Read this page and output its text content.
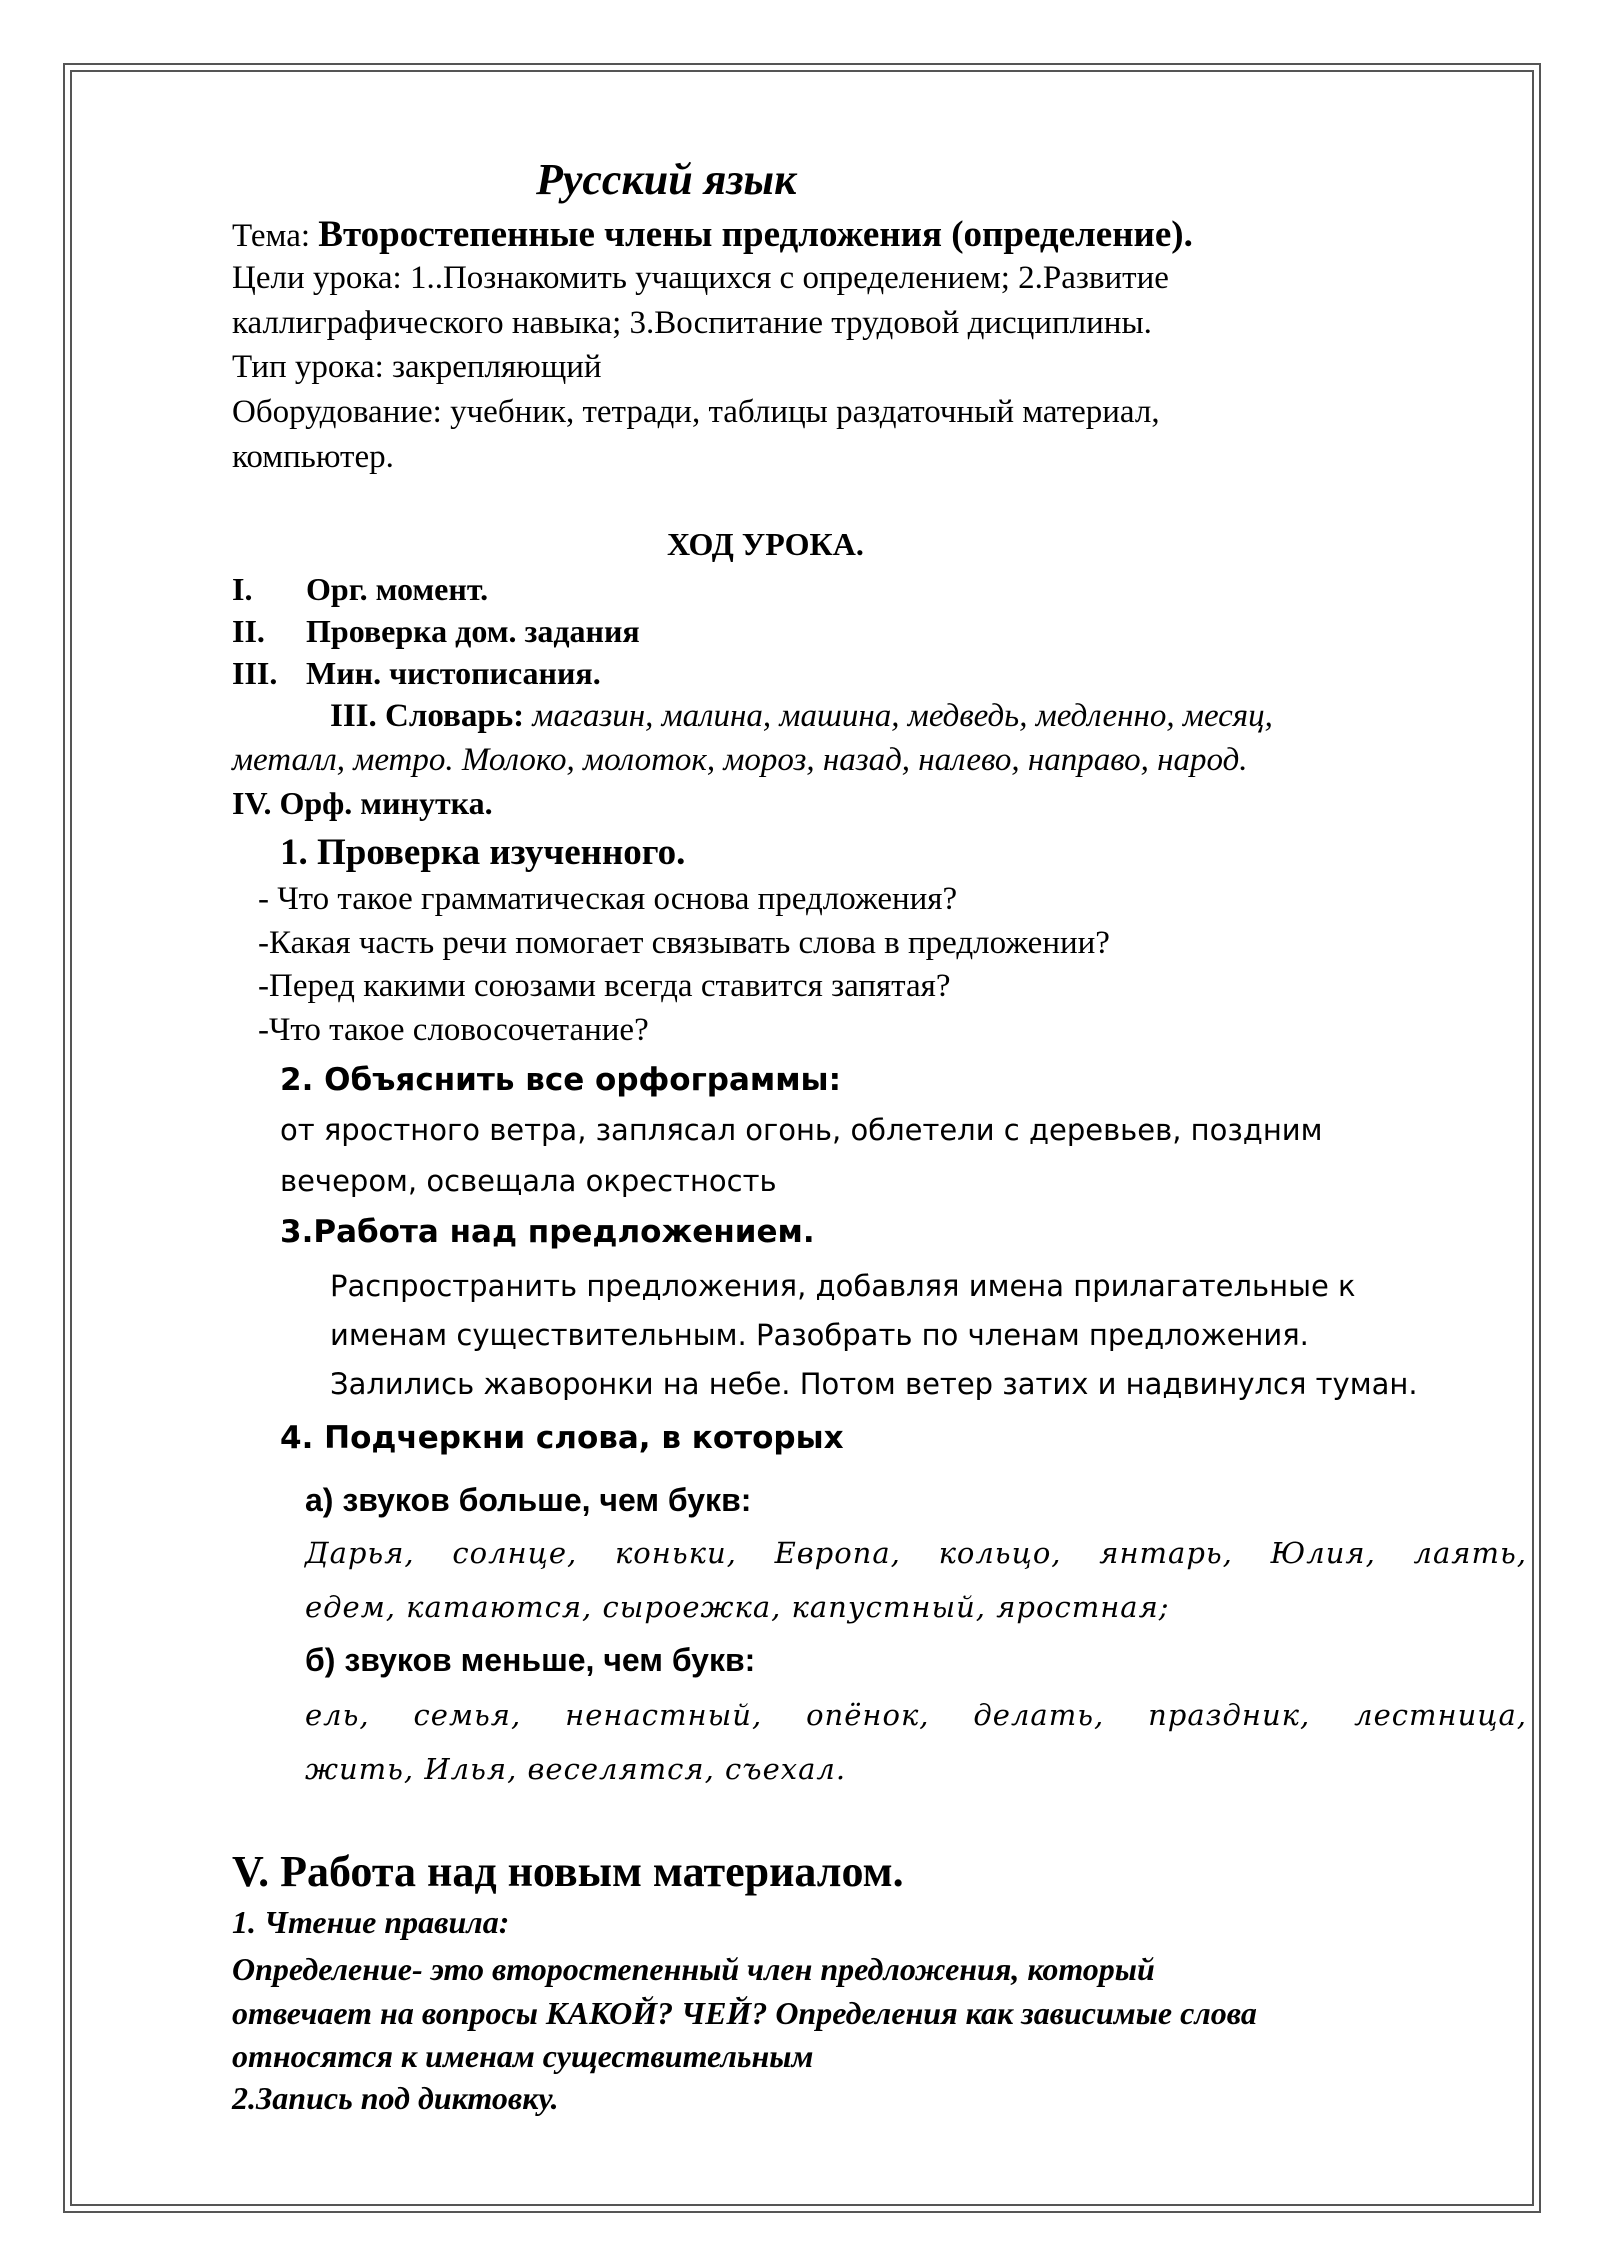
Русский язык
Тема: Второстепенные члены предложения (определение).
Цели урока: 1..Познакомить учащихся с определением; 2.Развитие
каллиграфического навыка; 3.Воспитание трудовой дисциплины.
Тип урока: закрепляющий
Оборудование: учебник, тетради, таблицы раздаточный материал,
компьютер.
ХОД УРОКА.
I. Орг. момент.
II. Проверка дом. задания
III. Мин. чистописания.
III. Словарь: магазин, малина, машина, медведь, медленно, месяц,
металл, метро. Молоко, молоток, мороз, назад, налево, направо, народ.
IV. Орф. минутка.
1. Проверка изученного.
- Что такое грамматическая основа предложения?
-Какая часть речи помогает связывать слова в предложении?
-Перед какими союзами всегда ставится запятая?
-Что такое словосочетание?
2. Объяснить все орфограммы:
от яростного ветра, заплясал огонь, облетели с деревьев, поздним
вечером, освещала окрестность
3.Работа над предложением.
Распространить предложения, добавляя имена прилагательные к
именам существительным. Разобрать по членам предложения.
Залились жаворонки на небе. Потом ветер затих и надвинулся туман.
4. Подчеркни слова, в которых
а) звуков больше, чем букв:
Дарья, солнце, коньки, Европа, кольцо, янтарь, Юлия, лаять,
едем, катаются, сыроежка, капустный, яростная;
б) звуков меньше, чем букв:
ель, семья, ненастный, опёнок, делать, праздник, лестница,
жить, Илья, веселятся, съехал.
V. Работа над новым материалом.
1. Чтение правила:
Определение- это второстепенный член предложения, который
отвечает на вопросы КАКОЙ? ЧЕЙ? Определения как зависимые слова
относятся к именам существительным
2.Запись под диктовку.
